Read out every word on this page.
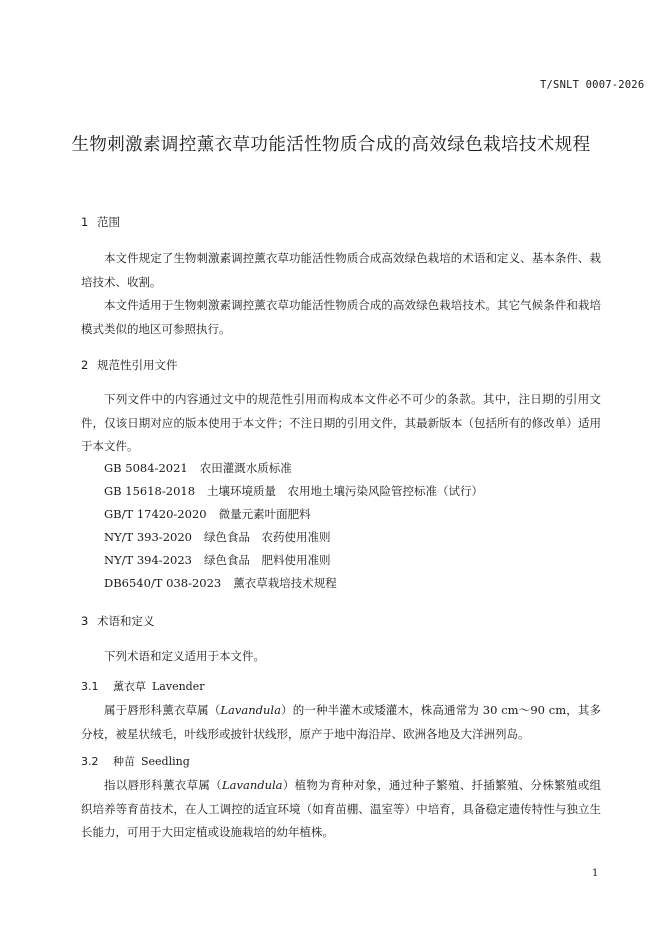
T/SNLT 0007-2026
生物刺激素调控薰衣草功能活性物质合成的高效绿色栽培技术规程
1 范围

本文件规定了生物刺激素调控薰衣草功能活性物质合成高效绿色栽培的术语和定义、基本条件、栽培技术、收割。

本文件适用于生物刺激素调控薰衣草功能活性物质合成的高效绿色栽培技术。其它气候条件和栽培模式类似的地区可参照执行。

2 规范性引用文件

下列文件中的内容通过文中的规范性引用而构成本文件必不可少的条款。其中，注日期的引用文件，仅该日期对应的版本使用于本文件；不注日期的引用文件，其最新版本（包括所有的修改单）适用于本文件。

GB 5084-2021 农田灌溉水质标准
GB 15618-2018 土壤环境质量　农用地土壤污染风险管控标准（试行）
GB/T 17420-2020 微量元素叶面肥料
NY/T 393-2020 绿色食品　农药使用准则
NY/T 394-2023 绿色食品　肥料使用准则
DB6540/T 038-2023 薰衣草栽培技术规程
3 术语和定义

下列术语和定义适用于本文件。

3.1 薰衣草 Lavender

属于唇形科薰衣草属（Lavandula）的一种半灌木或矮灌木，株高通常为 30 cm～90 cm，其多分枝，被星状绒毛，叶线形或披针状线形，原产于地中海沿岸、欧洲各地及大洋洲列岛。

3.2 种苗 Seedling

指以唇形科薰衣草属（Lavandula）植物为育种对象，通过种子繁殖、扦插繁殖、分株繁殖或组织培养等育苗技术，在人工调控的适宜环境（如育苗棚、温室等）中培育，具备稳定遗传特性与独立生长能力，可用于大田定植或设施栽培的幼年植株。

1
